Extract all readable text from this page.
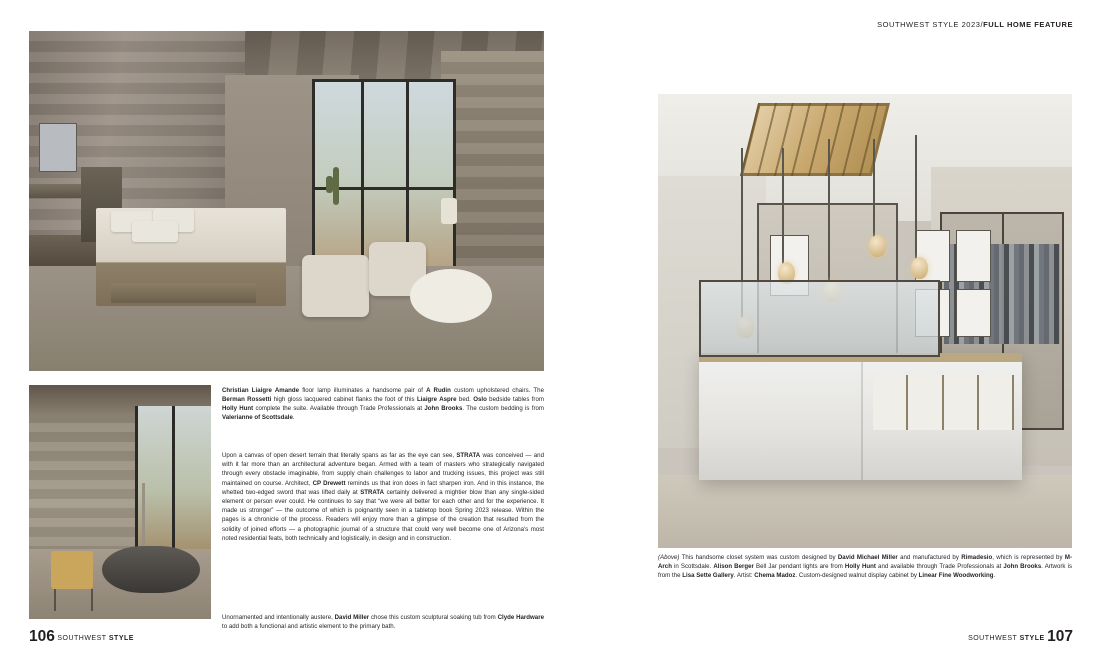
Christian Liaigre Amande floor lamp illuminates a handsome pair of A Rudin custom upholstered chairs. The Berman Rossetti high gloss lacquered cabinet flanks the foot of this Liaigre Aspre bed. Oslo bedside tables from Holly Hunt complete the suite. Available through Trade Professionals at John Brooks. The custom bedding is from Valerianne of Scottsdale.
Upon a canvas of open desert terrain that literally spans as far as the eye can see, STRATA was conceived — and with it far more than an architectural adventure began. Armed with a team of masters who strategically navigated through every obstacle imaginable, from supply chain challenges to labor and trucking issues, this project was still maintained on course. Architect, CP Drewett reminds us that iron does in fact sharpen iron. And in this instance, the whetted two-edged sword that was lifted daily at STRATA certainly delivered a mightier blow than any single-sided element or person ever could. He continues to say that “we were all better for each other and for the experience. It made us stronger” — the outcome of which is poignantly seen in a tabletop book Spring 2023 release. Within the pages is a chronicle of the process. Readers will enjoy more than a glimpse of the creation that resulted from the solidity of joined efforts — a photographic journal of a structure that could very well become one of Arizona's most noted residential feats, both technically and logistically, in design and in construction.
Unornamented and intentionally austere, David Miller chose this custom sculptural soaking tub from Clyde Hardware to add both a functional and artistic element to the primary bath.
106 SOUTHWEST STYLE
SOUTHWEST STYLE 2023/FULL HOME FEATURE
(Above) This handsome closet system was custom designed by David Michael Miller and manufactured by Rimadesio, which is represented by M-Arch in Scottsdale. Alison Berger Bell Jar pendant lights are from Holly Hunt and available through Trade Professionals at John Brooks. Artwork is from the Lisa Sette Gallery. Artist: Chema Madoz. Custom-designed walnut display cabinet by Linear Fine Woodworking.
SOUTHWEST STYLE 107
